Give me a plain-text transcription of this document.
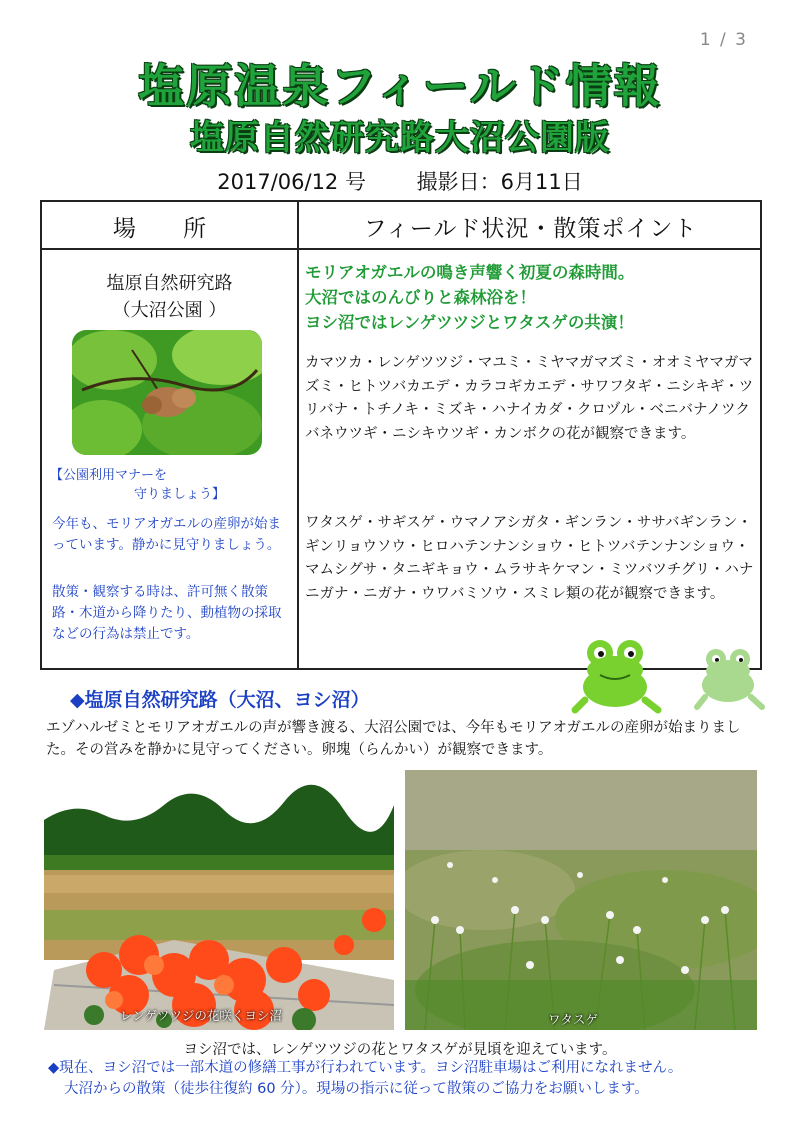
1 / 3
塩原温泉フィールド情報
塩原自然研究路大沼公園版
2017/06/12 号 撮影日：6月11日
場 所	フィールド状況・散策ポイント
塩原自然研究路
（大沼公園 ）
【公園利用マナーを
守りましょう】
今年も、モリアオガエルの産卵が始まっています。静かに見守りましょう。
散策・観察する時は、許可無く散策路・木道から降りたり、動植物の採取などの行為は禁止です。
モリアオガエルの鳴き声響く初夏の森時間。
大沼ではのんびりと森林浴を！
ヨシ沼ではレンゲツツジとワタスゲの共演！
カマツカ・レンゲツツジ・マユミ・ミヤマガマズミ・オオミヤマガマズミ・ヒトツバカエデ・カラコギカエデ・サワフタギ・ニシキギ・ツリバナ・トチノキ・ミズキ・ハナイカダ・クロヅル・ベニバナノツクバネウツギ・ニシキウツギ・カンボクの花が観察できます。
ワタスゲ・サギスゲ・ウマノアシガタ・ギンラン・ササバギンラン・ギンリョウソウ・ヒロハテンナンショウ・ヒトツバテンナンショウ・マムシグサ・タニギキョウ・ムラサキケマン・ミツバツチグリ・ハナニガナ・ニガナ・ウワバミソウ・スミレ類の花が観察できます。
◆塩原自然研究路（大沼、ヨシ沼）
エゾハルゼミとモリアオガエルの声が響き渡る、大沼公園では、今年もモリアオガエルの産卵が始まりました。その営みを静かに見守ってください。卵塊（らんかい）が観察できます。
レンゲツツジの花咲くヨシ沼	ワタスゲ
ヨシ沼では、レンゲツツジの花とワタスゲが見頃を迎えています。
◆現在、ヨシ沼では一部木道の修繕工事が行われています。ヨシ沼駐車場はご利用になれません。
大沼からの散策（徒歩往復約 60 分）。現場の指示に従って散策のご協力をお願いします。
